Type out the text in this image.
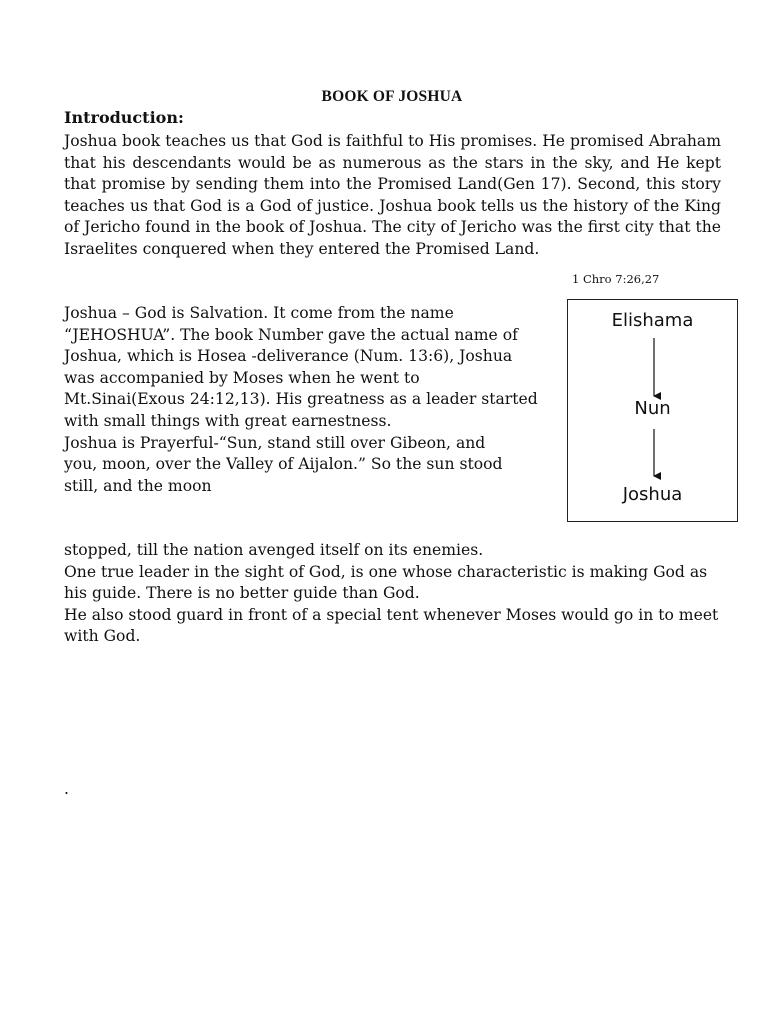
BOOK OF JOSHUA
Introduction:

Joshua book teaches us that God is faithful to His promises. He promised Abraham that his descendants would be as numerous as the stars in the sky, and He kept that promise by sending them into the Promised Land(Gen 17). Second, this story teaches us that God is a God of justice. Joshua book tells us the history of the King of Jericho found in the book of Joshua. The city of Jericho was the first city that the Israelites conquered when they entered the Promised Land.

1 Chro 7:26,27

Elishama

Nun

Joshua

Joshua – God is Salvation. It come from the name “JEHOSHUA”. The book Number gave the actual name of Joshua, which is Hosea -deliverance (Num. 13:6), Joshua was accompanied by Moses when he went to Mt.Sinai(Exous 24:12,13). His greatness as a leader started with small things with great earnestness.

Joshua is Prayerful-“Sun, stand still over Gibeon, and

you, moon, over the Valley of Aijalon.” So the sun stood still, and the moon

stopped, till the nation avenged itself on its enemies.

One true leader in the sight of God, is one whose characteristic is making God as his guide. There is no better guide than God.

He also stood guard in front of a special tent whenever Moses would go in to meet with God.

.
